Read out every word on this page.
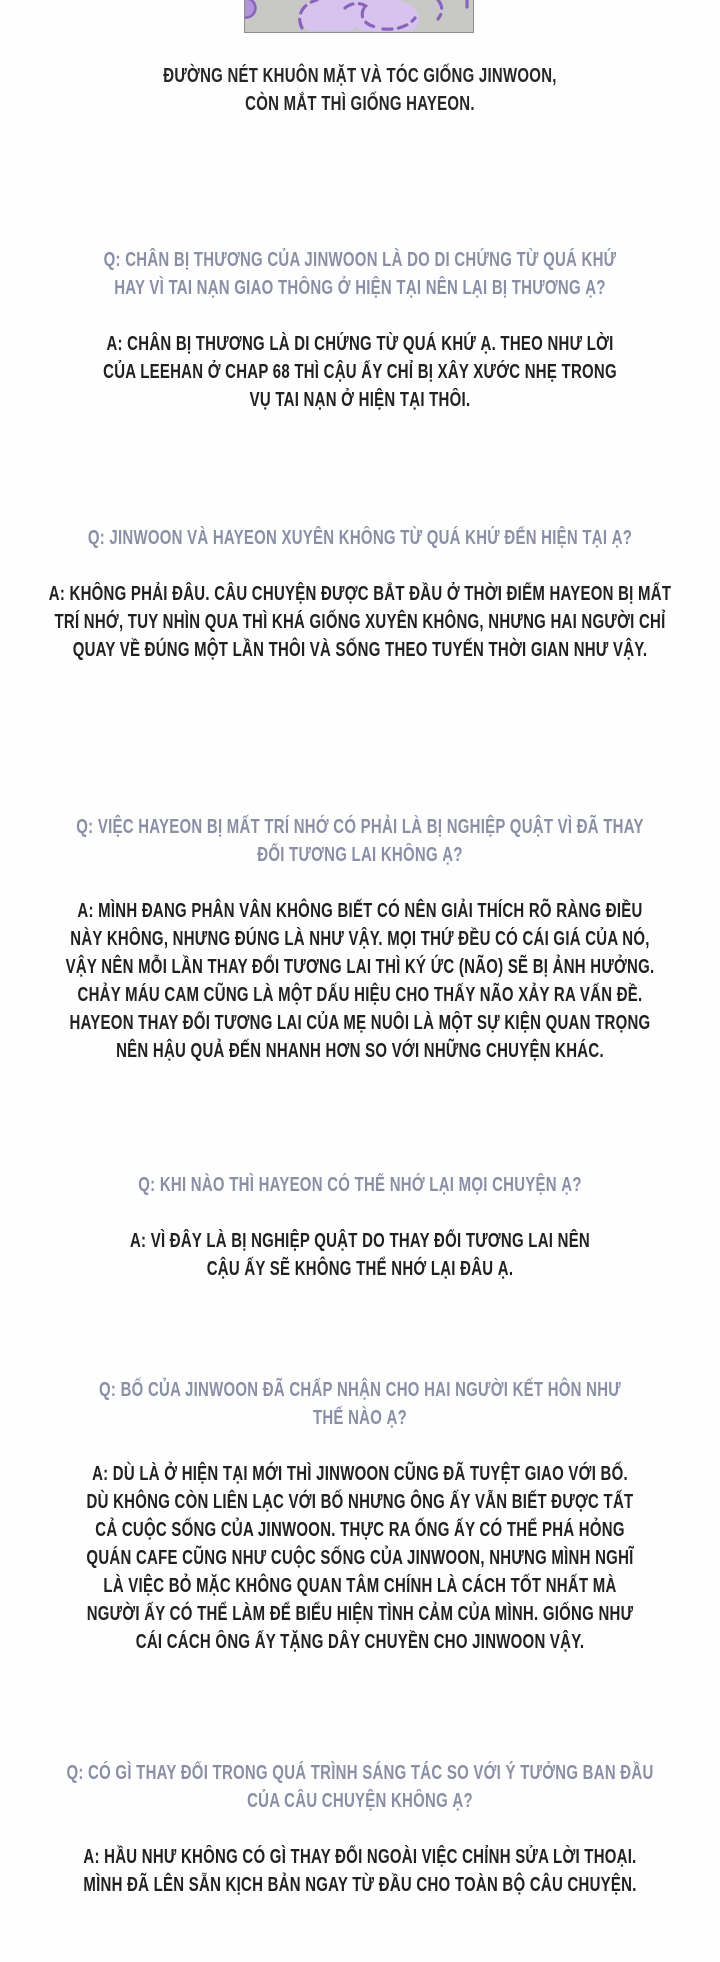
ĐƯỜNG NÉT KHUÔN MẶT VÀ TÓC GIỐNG JINWOON,
CÒN MẮT THÌ GIỐNG HAYEON.
Q: CHÂN BỊ THƯƠNG CỦA JINWOON LÀ DO DI CHỨNG TỪ QUÁ KHỨ
HAY VÌ TAI NẠN GIAO THÔNG Ở HIỆN TẠI NÊN LẠI BỊ THƯƠNG Ạ?
A: CHÂN BỊ THƯƠNG LÀ DI CHỨNG TỪ QUÁ KHỨ Ạ. THEO NHƯ LỜI
CỦA LEEHAN Ở CHAP 68 THÌ CẬU ẤY CHỈ BỊ XÂY XƯỚC NHẸ TRONG
VỤ TAI NẠN Ở HIỆN TẠI THÔI.
Q: JINWOON VÀ HAYEON XUYÊN KHÔNG TỪ QUÁ KHỨ ĐẾN HIỆN TẠI Ạ?
A: KHÔNG PHẢI ĐÂU. CÂU CHUYỆN ĐƯỢC BẮT ĐẦU Ở THỜI ĐIỂM HAYEON BỊ MẤT
TRÍ NHỚ, TUY NHÌN QUA THÌ KHÁ GIỐNG XUYÊN KHÔNG, NHƯNG HAI NGƯỜI CHỈ
QUAY VỀ ĐÚNG MỘT LẦN THÔI VÀ SỐNG THEO TUYẾN THỜI GIAN NHƯ VẬY.
Q: VIỆC HAYEON BỊ MẤT TRÍ NHỚ CÓ PHẢI LÀ BỊ NGHIỆP QUẬT VÌ ĐÃ THAY
ĐỔI TƯƠNG LAI KHÔNG Ạ?
A: MÌNH ĐANG PHÂN VÂN KHÔNG BIẾT CÓ NÊN GIẢI THÍCH RÕ RÀNG ĐIỀU
NÀY KHÔNG, NHƯNG ĐÚNG LÀ NHƯ VẬY. MỌI THỨ ĐỀU CÓ CÁI GIÁ CỦA NÓ,
VẬY NÊN MỖI LẦN THAY ĐỔI TƯƠNG LAI THÌ KÝ ỨC (NÃO) SẼ BỊ ẢNH HƯỞNG.
CHẢY MÁU CAM CŨNG LÀ MỘT DẤU HIỆU CHO THẤY NÃO XẢY RA VẤN ĐỀ.
HAYEON THAY ĐỔI TƯƠNG LAI CỦA MẸ NUÔI LÀ MỘT SỰ KIỆN QUAN TRỌNG
NÊN HẬU QUẢ ĐẾN NHANH HƠN SO VỚI NHỮNG CHUYỆN KHÁC.
Q: KHI NÀO THÌ HAYEON CÓ THỂ NHỚ LẠI MỌI CHUYỆN Ạ?
A: VÌ ĐÂY LÀ BỊ NGHIỆP QUẬT DO THAY ĐỔI TƯƠNG LAI NÊN
CẬU ẤY SẼ KHÔNG THỂ NHỚ LẠI ĐÂU Ạ.
Q: BỐ CỦA JINWOON ĐÃ CHẤP NHẬN CHO HAI NGƯỜI KẾT HÔN NHƯ
THẾ NÀO Ạ?
A: DÙ LÀ Ở HIỆN TẠI MỚI THÌ JINWOON CŨNG ĐÃ TUYỆT GIAO VỚI BỐ.
DÙ KHÔNG CÒN LIÊN LẠC VỚI BỐ NHƯNG ÔNG ẤY VẪN BIẾT ĐƯỢC TẤT
CẢ CUỘC SỐNG CỦA JINWOON. THỰC RA ỐNG ẤY CÓ THỂ PHÁ HỎNG
QUÁN CAFE CŨNG NHƯ CUỘC SỐNG CỦA JINWOON, NHƯNG MÌNH NGHĨ
LÀ VIỆC BỎ MẶC KHÔNG QUAN TÂM CHÍNH LÀ CÁCH TỐT NHẤT MÀ
NGƯỜI ẤY CÓ THỂ LÀM ĐỂ BIỂU HIỆN TÌNH CẢM CỦA MÌNH. GIỐNG NHƯ
CÁI CÁCH ÔNG ẤY TẶNG DÂY CHUYỀN CHO JINWOON VẬY.
Q: CÓ GÌ THAY ĐỔI TRONG QUÁ TRÌNH SÁNG TÁC SO VỚI Ý TƯỞNG BAN ĐẦU
CỦA CÂU CHUYỆN KHÔNG Ạ?
A: HẦU NHƯ KHÔNG CÓ GÌ THAY ĐỔI NGOÀI VIỆC CHỈNH SỬA LỜI THOẠI.
MÌNH ĐÃ LÊN SẴN KỊCH BẢN NGAY TỪ ĐẦU CHO TOÀN BỘ CÂU CHUYỆN.
